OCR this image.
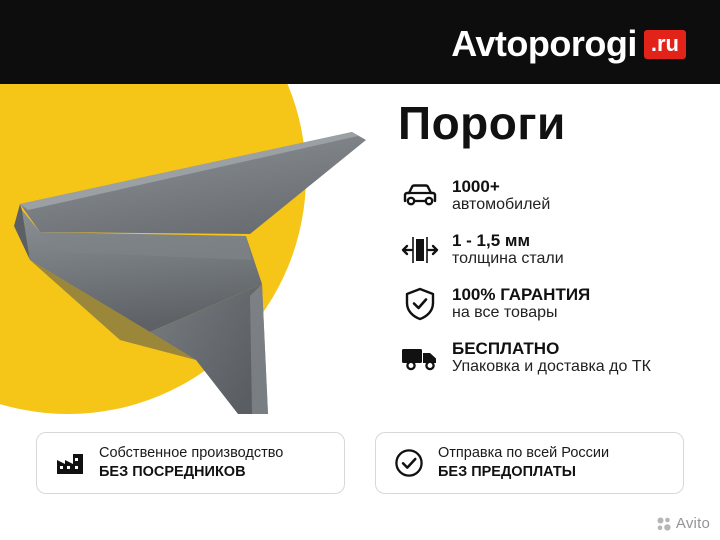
Avtoporogi .ru
Пороги
1000+
автомобилей
1 - 1,5 мм
толщина стали
100% ГАРАНТИЯ
на все товары
БЕСПЛАТНО
Упаковка и доставка до ТК
Собственное производство
БЕЗ ПОСРЕДНИКОВ
Отправка по всей России
БЕЗ ПРЕДОПЛАТЫ
Avito
